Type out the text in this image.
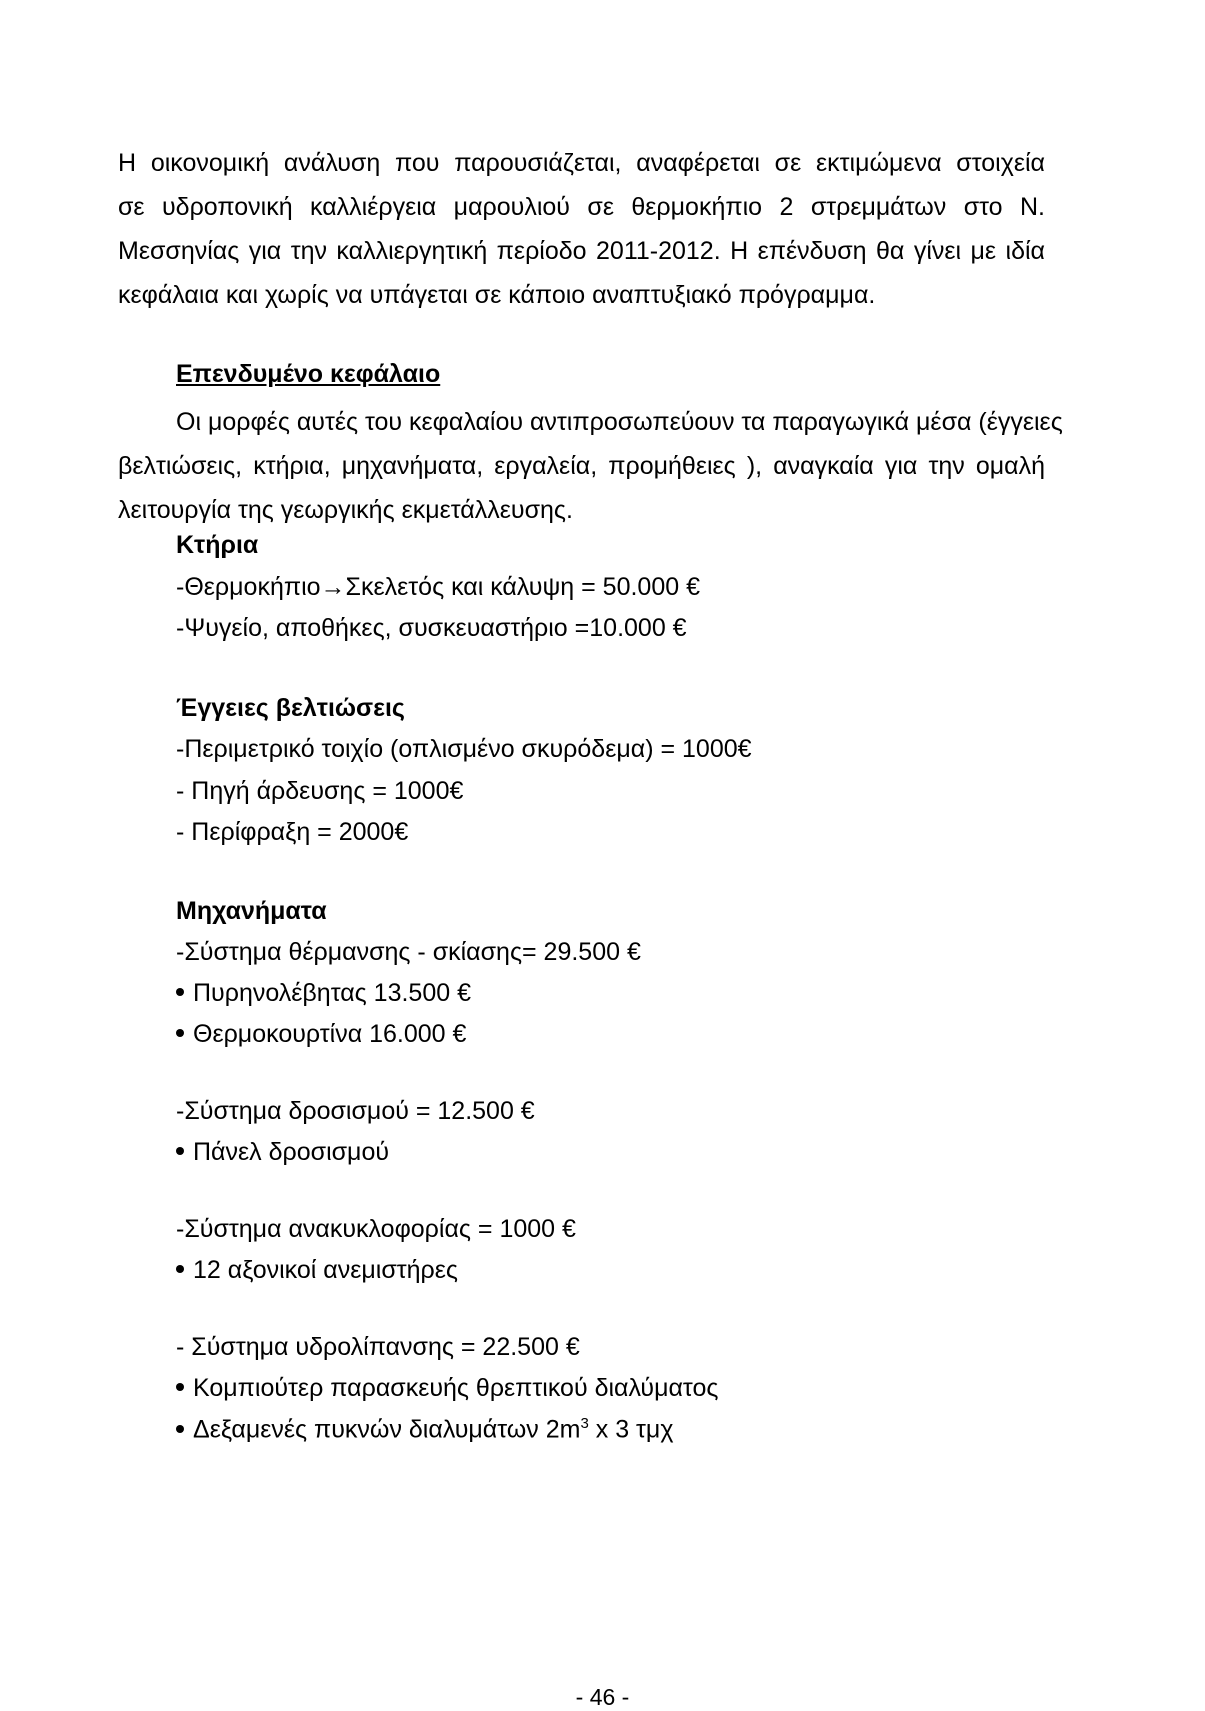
Η οικονομική ανάλυση που παρουσιάζεται, αναφέρεται σε εκτιμώμενα στοιχεία
σε υδροπονική καλλιέργεια μαρουλιού σε θερμοκήπιο 2 στρεμμάτων στο Ν.
Μεσσηνίας για την καλλιεργητική περίοδο 2011-2012. Η επένδυση θα γίνει με ιδία
κεφάλαια και χωρίς να υπάγεται σε κάποιο αναπτυξιακό πρόγραμμα.

Επενδυμένο κεφάλαιο

Οι μορφές αυτές του κεφαλαίου αντιπροσωπεύουν τα παραγωγικά μέσα (έγγειες
βελτιώσεις, κτήρια, μηχανήματα, εργαλεία, προμήθειες ), αναγκαία για την ομαλή
λειτουργία της γεωργικής εκμετάλλευσης.

Κτήρια

-Θερμοκήπιο→Σκελετός και κάλυψη = 50.000 €

-Ψυγείο, αποθήκες, συσκευαστήριο =10.000 €

Έγγειες βελτιώσεις

-Περιμετρικό τοιχίο (οπλισμένο σκυρόδεμα) = 1000€

- Πηγή άρδευσης = 1000€

- Περίφραξη = 2000€

Μηχανήματα

-Σύστημα θέρμανσης - σκίασης= 29.500 €

Πυρηνολέβητας 13.500 €

Θερμοκουρτίνα 16.000 €

-Σύστημα δροσισμού = 12.500 €

Πάνελ δροσισμού

-Σύστημα ανακυκλοφορίας = 1000 €

12 αξονικοί ανεμιστήρες

- Σύστημα υδρολίπανσης = 22.500 €

Κομπιούτερ παρασκευής θρεπτικού διαλύματος

Δεξαμενές πυκνών διαλυμάτων $2m^3$ x 3 τμχ

- 46 -
